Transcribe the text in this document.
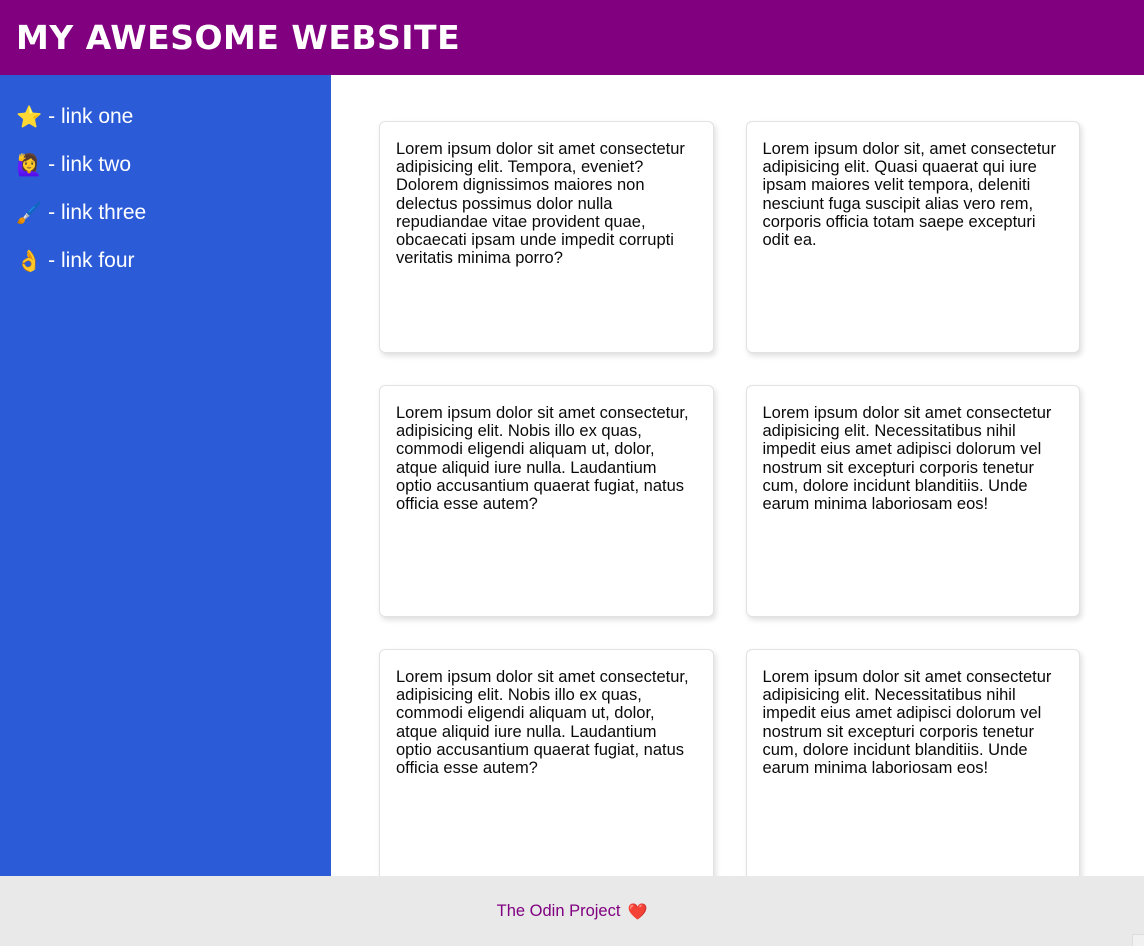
MY AWESOME WEBSITE
⭐ - link one
🙋‍♀️ - link two
🖌️ - link three
👌 - link four

Lorem ipsum dolor sit amet consectetur adipisicing elit. Tempora, eveniet? Dolorem dignissimos maiores non delectus possimus dolor nulla repudiandae vitae provident quae, obcaecati ipsam unde impedit corrupti veritatis minima porro?

Lorem ipsum dolor sit, amet consectetur adipisicing elit. Quasi quaerat qui iure ipsam maiores velit tempora, deleniti nesciunt fuga suscipit alias vero rem, corporis officia totam saepe excepturi odit ea.

Lorem ipsum dolor sit amet consectetur, adipisicing elit. Nobis illo ex quas, commodi eligendi aliquam ut, dolor, atque aliquid iure nulla. Laudantium optio accusantium quaerat fugiat, natus officia esse autem?

Lorem ipsum dolor sit amet consectetur adipisicing elit. Necessitatibus nihil impedit eius amet adipisci dolorum vel nostrum sit excepturi corporis tenetur cum, dolore incidunt blanditiis. Unde earum minima laboriosam eos!

Lorem ipsum dolor sit amet consectetur, adipisicing elit. Nobis illo ex quas, commodi eligendi aliquam ut, dolor, atque aliquid iure nulla. Laudantium optio accusantium quaerat fugiat, natus officia esse autem?

Lorem ipsum dolor sit amet consectetur adipisicing elit. Necessitatibus nihil impedit eius amet adipisci dolorum vel nostrum sit excepturi corporis tenetur cum, dolore incidunt blanditiis. Unde earum minima laboriosam eos!

The Odin Project ❤️
